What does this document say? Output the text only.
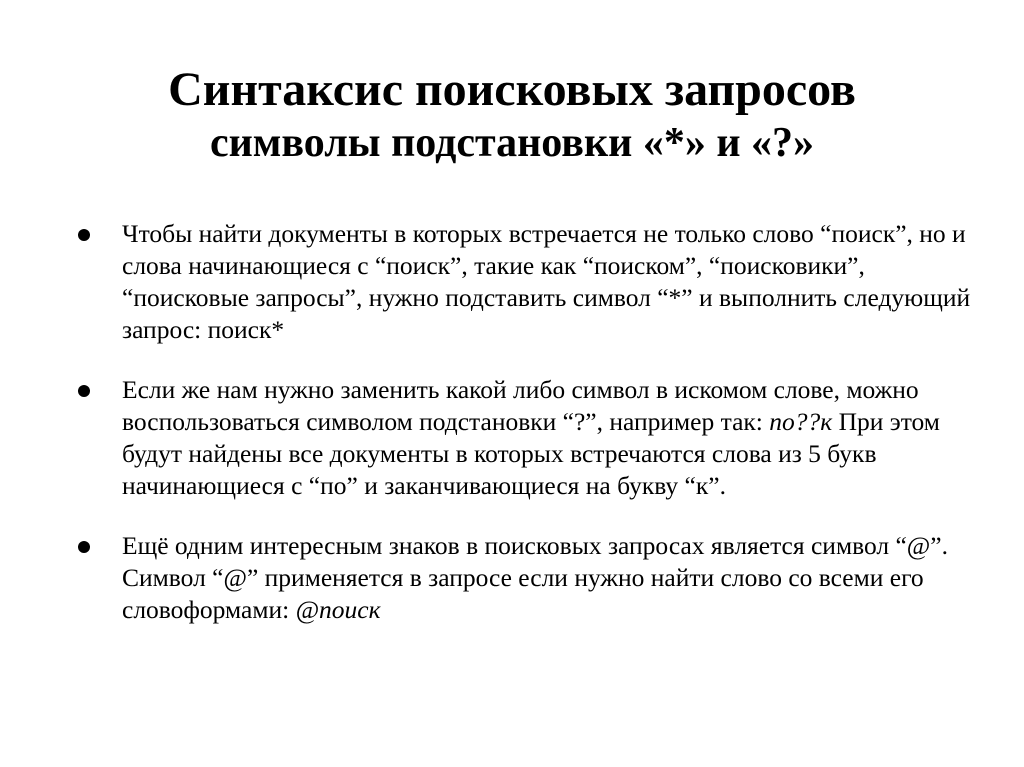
Синтаксис поисковых запросов
символы подстановки «*» и «?»
Чтобы найти документы в которых встречается не только слово “поиск”, но и слова начинающиеся с “поиск”, такие как “поиском”, “поисковики”, “поисковые запросы”, нужно подставить символ “*” и выполнить следующий запрос: поиск*
Если же нам нужно заменить какой либо символ в искомом слове, можно воспользоваться символом подстановки “?”, например так: по??к При этом будут найдены все документы в которых встречаются слова из 5 букв начинающиеся с “по” и заканчивающиеся на букву “к”.
Ещё одним интересным знаков в поисковых запросах является символ “@”. Символ “@” применяется в запросе если нужно найти слово со всеми его словоформами: @поиск
